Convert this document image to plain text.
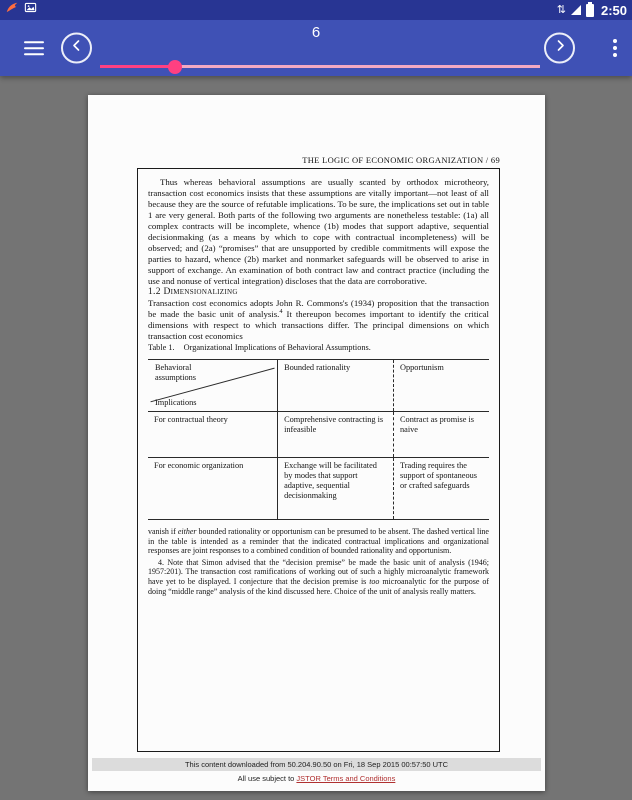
⇅	2:50
6
THE LOGIC OF ECONOMIC ORGANIZATION / 69

Thus whereas behavioral assumptions are usually scanted by orthodox microtheory, transaction cost economics insists that these assumptions are vitally important—not least of all because they are the source of refutable implications. To be sure, the implications set out in table 1 are very general. Both parts of the following two arguments are nonetheless testable: (1a) all complex contracts will be incomplete, whence (1b) modes that support adaptive, sequential decisionmaking (as a means by which to cope with contractual incompleteness) will be observed; and (2a) “promises” that are unsupported by credible commitments will expose the parties to hazard, whence (2b) market and nonmarket safeguards will be observed to arise in support of exchange. An examination of both contract law and contract practice (including the use and nonuse of vertical integration) discloses that the data are corroborative.

1.2 Dimensionalizing

Transaction cost economics adopts John R. Commons's (1934) proposition that the transaction be made the basic unit of analysis.$^4$ It thereupon becomes important to identify the critical dimensions with respect to which transactions differ. The principal dimensions on which transaction cost economics

Table 1. Organizational Implications of Behavioral Assumptions.

Behavioral assumptions
Implications	Bounded rationality	Opportunism
For contractual theory	Comprehensive contracting is infeasible	Contract as promise is naive
For economic organization	Exchange will be facilitated by modes that support adaptive, sequential decisionmaking	Trading requires the support of spontaneous or crafted safeguards

vanish if either bounded rationality or opportunism can be presumed to be absent. The dashed vertical line in the table is intended as a reminder that the indicated contractual implications and organizational responses are joint responses to a combined condition of bounded rationality and opportunism.

4. Note that Simon advised that the “decision premise” be made the basic unit of analysis (1946; 1957:201). The transaction cost ramifications of working out of such a highly microanalytic framework have yet to be displayed. I conjecture that the decision premise is too microanalytic for the purpose of doing “middle range” analysis of the kind discussed here. Choice of the unit of analysis really matters.

This content downloaded from 50.204.90.50 on Fri, 18 Sep 2015 00:57:50 UTC
All use subject to JSTOR Terms and Conditions
